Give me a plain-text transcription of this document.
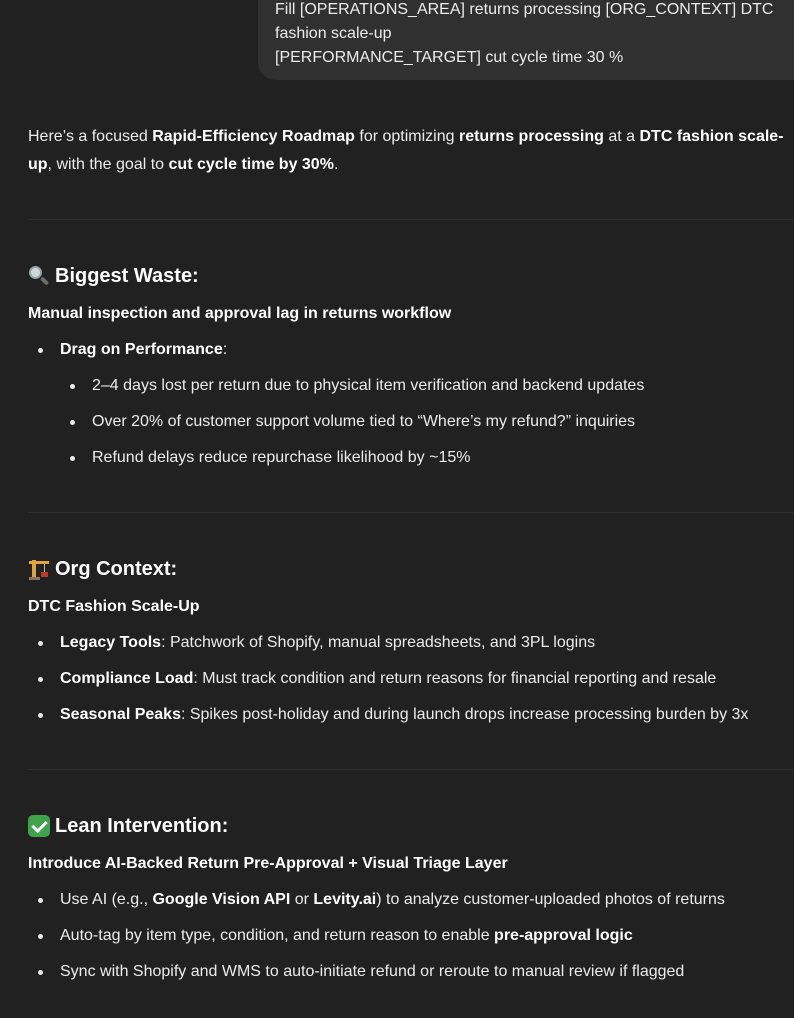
Fill [OPERATIONS_AREA] returns processing [ORG_CONTEXT] DTC
fashion scale-up
[PERFORMANCE_TARGET] cut cycle time 30 %
Here’s a focused Rapid-Efficiency Roadmap for optimizing returns processing at a DTC fashion scale-up, with the goal to cut cycle time by 30%.
Biggest Waste:
Manual inspection and approval lag in returns workflow
Drag on Performance:
2–4 days lost per return due to physical item verification and backend updates
Over 20% of customer support volume tied to “Where’s my refund?” inquiries
Refund delays reduce repurchase likelihood by ~15%
Org Context:
DTC Fashion Scale-Up
Legacy Tools: Patchwork of Shopify, manual spreadsheets, and 3PL logins
Compliance Load: Must track condition and return reasons for financial reporting and resale
Seasonal Peaks: Spikes post-holiday and during launch drops increase processing burden by 3x
Lean Intervention:
Introduce AI-Backed Return Pre-Approval + Visual Triage Layer
Use AI (e.g., Google Vision API or Levity.ai) to analyze customer-uploaded photos of returns
Auto-tag by item type, condition, and return reason to enable pre-approval logic
Sync with Shopify and WMS to auto-initiate refund or reroute to manual review if flagged
